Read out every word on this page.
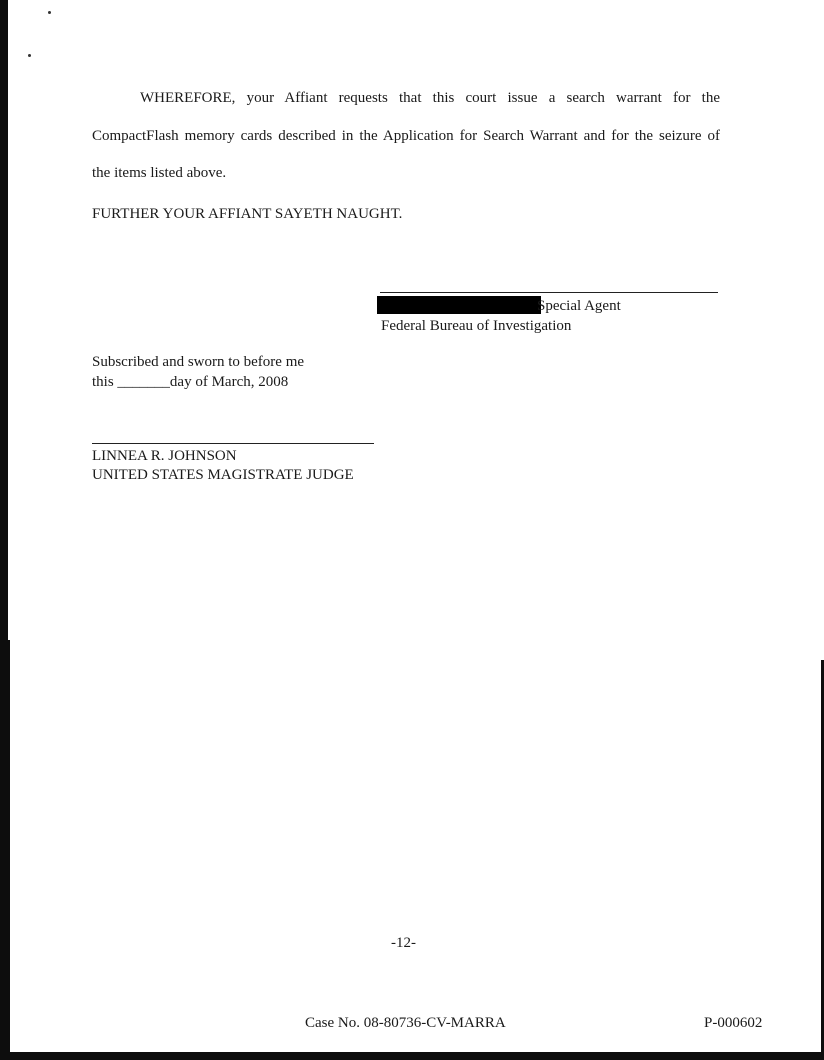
WHEREFORE, your Affiant requests that this court issue a search warrant for the
CompactFlash memory cards described in the Application for Search Warrant and for the seizure of
the items listed above.
FURTHER YOUR AFFIANT SAYETH NAUGHT.
Special Agent
Federal Bureau of Investigation
Subscribed and sworn to before me
this _______day of March, 2008
LINNEA R. JOHNSON
UNITED STATES MAGISTRATE JUDGE
-12-
Case No. 08-80736-CV-MARRA	P-000602
